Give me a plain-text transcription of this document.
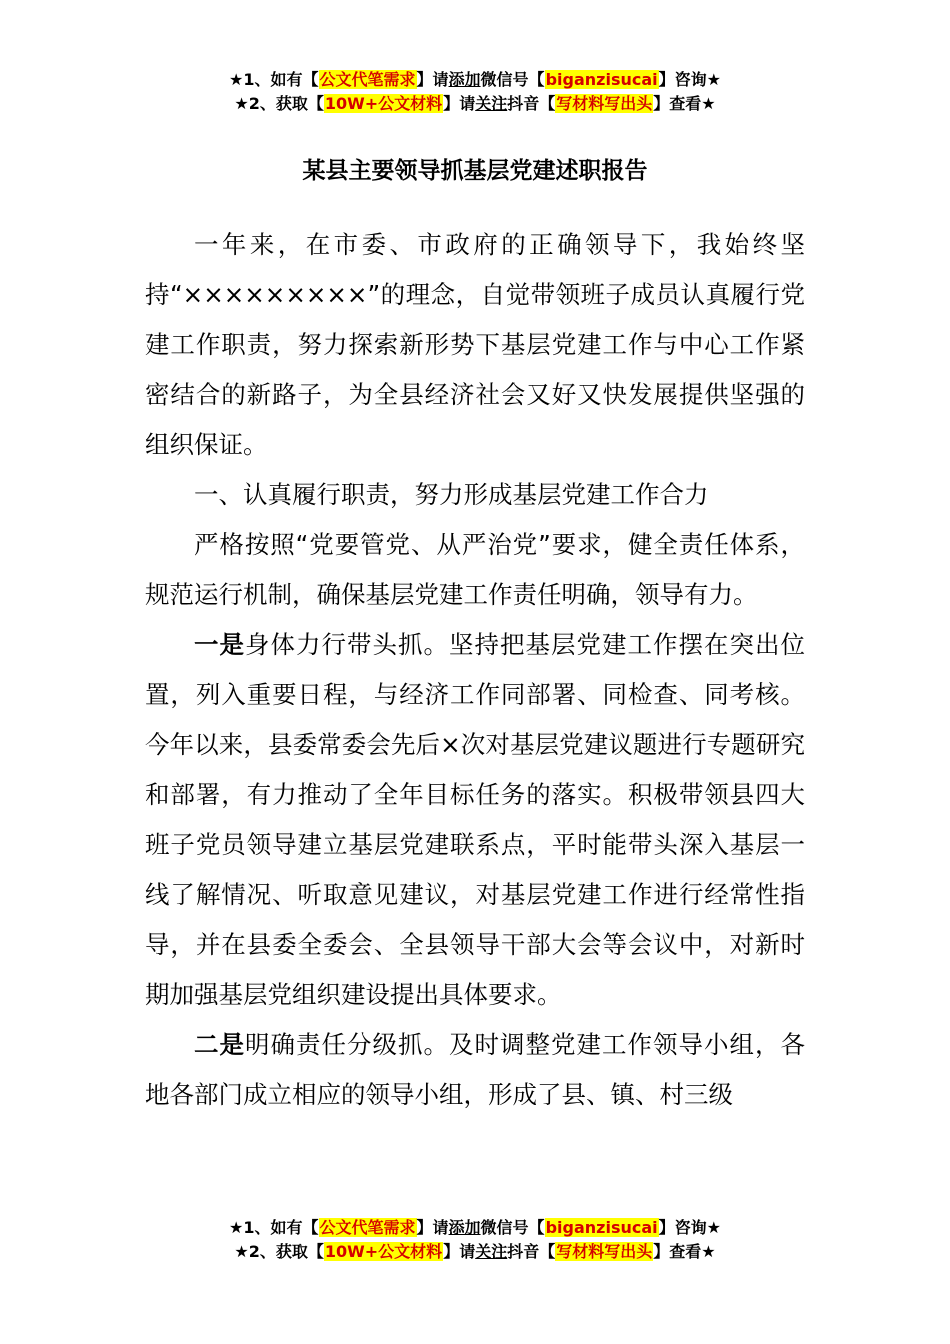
★1、如有【公文代笔需求】请添加微信号【biganzisucai】咨询★
★2、获取【10W+公文材料】请关注抖音【写材料写出头】查看★
某县主要领导抓基层党建述职报告

一年来，在市委、市政府的正确领导下，我始终坚持“×××××××××”的理念，自觉带领班子成员认真履行党建工作职责，努力探索新形势下基层党建工作与中心工作紧密结合的新路子，为全县经济社会又好又快发展提供坚强的组织保证。

一、认真履行职责，努力形成基层党建工作合力

严格按照“党要管党、从严治党”要求，健全责任体系，规范运行机制，确保基层党建工作责任明确，领导有力。

一是身体力行带头抓。坚持把基层党建工作摆在突出位置，列入重要日程，与经济工作同部署、同检查、同考核。今年以来，县委常委会先后×次对基层党建议题进行专题研究和部署，有力推动了全年目标任务的落实。积极带领县四大班子党员领导建立基层党建联系点，平时能带头深入基层一线了解情况、听取意见建议，对基层党建工作进行经常性指导，并在县委全委会、全县领导干部大会等会议中，对新时期加强基层党组织建设提出具体要求。

二是明确责任分级抓。及时调整党建工作领导小组，各地各部门成立相应的领导小组，形成了县、镇、村三级

★1、如有【公文代笔需求】请添加微信号【biganzisucai】咨询★
★2、获取【10W+公文材料】请关注抖音【写材料写出头】查看★
